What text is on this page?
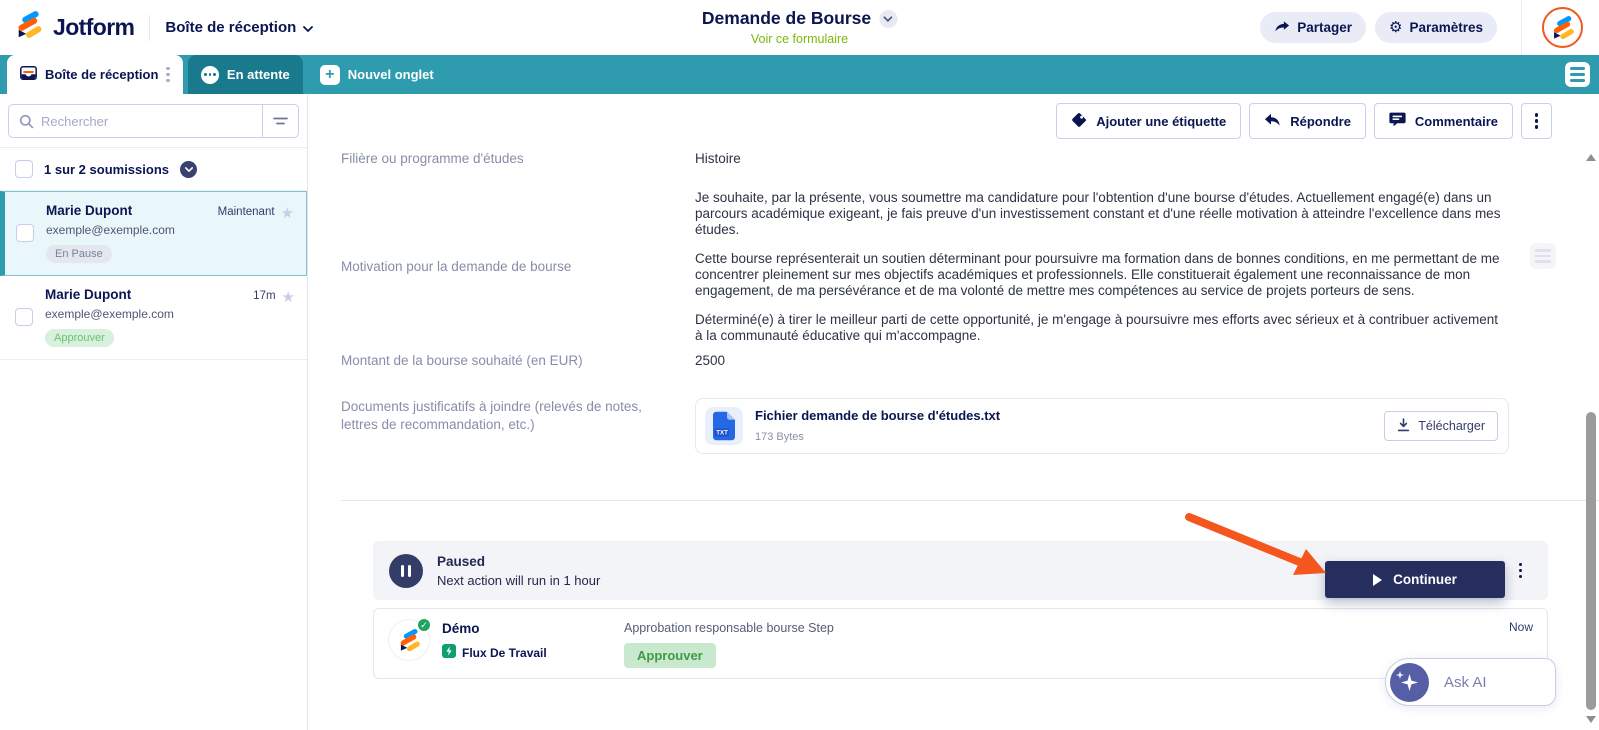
Jotform Boîte de réception	Demande de Bourse
Voir ce formulaire
Partager ⚙ Paramètres
Boîte de réception	En attente	+	Nouvel onglet
Rechercher
1 sur 2 soumissions
Marie Dupont
exemple@exemple.com
En Pause
Maintenant ★
Marie Dupont
exemple@exemple.com
Approuver
17m ★
Ajouter une étiquette	Répondre	Commentaire
Filière ou programme d'études	Histoire
Motivation pour la demande de bourse

Je souhaite, par la présente, vous soumettre ma candidature pour l'obtention d'une bourse d'études. Actuellement engagé(e) dans un parcours académique exigeant, je fais preuve d'un investissement constant et d'une réelle motivation à atteindre l'excellence dans mes études.

Cette bourse représenterait un soutien déterminant pour poursuivre ma formation dans de bonnes conditions, en me permettant de me concentrer pleinement sur mes objectifs académiques et professionnels. Elle constituerait également une reconnaissance de mon engagement, de ma persévérance et de ma volonté de mettre mes compétences au service de projets porteurs de sens.

Déterminé(e) à tirer le meilleur parti de cette opportunité, je m'engage à poursuivre mes efforts avec sérieux et à contribuer activement à la communauté éducative qui m'accompagne.

Montant de la bourse souhaité (en EUR)	2500
Documents justificatifs à joindre (relevés de notes, lettres de recommandation, etc.)
TXT
Fichier demande de bourse d'études.txt
173 Bytes
Télécharger
Paused
Next action will run in 1 hour
✓	Démo
Flux De Travail
Approbation responsable bourse Step
Approuver
Now
Continuer
Ask AI
